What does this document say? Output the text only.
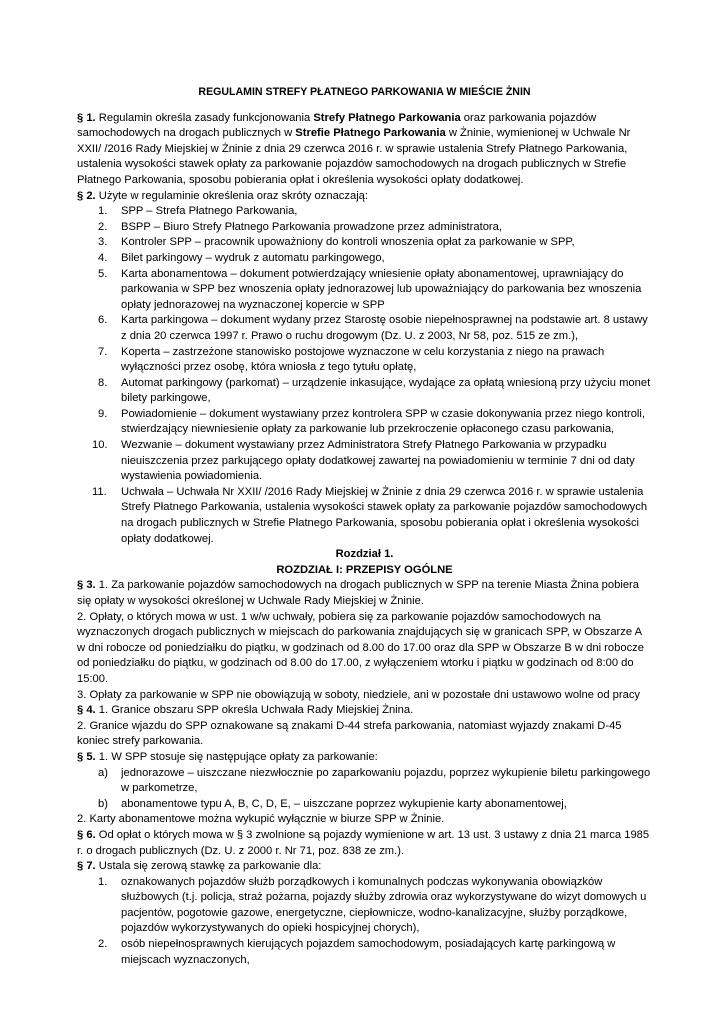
REGULAMIN STREFY PŁATNEGO PARKOWANIA W MIEŚCIE ŻNIN

§ 1. Regulamin określa zasady funkcjonowania Strefy Płatnego Parkowania oraz parkowania pojazdów samochodowych na drogach publicznych w Strefie Płatnego Parkowania w Żninie, wymienionej w Uchwale Nr XXII/ /2016 Rady Miejskiej w Żninie z dnia 29 czerwca 2016 r. w sprawie ustalenia Strefy Płatnego Parkowania, ustalenia wysokości stawek opłaty za parkowanie pojazdów samochodowych na drogach publicznych w Strefie Płatnego Parkowania, sposobu pobierania opłat i określenia wysokości opłaty dodatkowej.

§ 2. Użyte w regulaminie określenia oraz skróty oznaczają:

1.	SPP – Strefa Płatnego Parkowania,
2.	BSPP – Biuro Strefy Płatnego Parkowania prowadzone przez administratora,
3.	Kontroler SPP – pracownik upoważniony do kontroli wnoszenia opłat za parkowanie w SPP,
4.	Bilet parkingowy – wydruk z automatu parkingowego,
5.	Karta abonamentowa – dokument potwierdzający wniesienie opłaty abonamentowej, uprawniający do parkowania w SPP bez wnoszenia opłaty jednorazowej lub upoważniający do parkowania bez wnoszenia opłaty jednorazowej na wyznaczonej kopercie w SPP
6.	Karta parkingowa – dokument wydany przez Starostę osobie niepełnosprawnej na podstawie art. 8 ustawy z dnia 20 czerwca 1997 r. Prawo o ruchu drogowym (Dz. U. z 2003, Nr 58, poz. 515 ze zm.),
7.	Koperta – zastrzeżone stanowisko postojowe wyznaczone w celu korzystania z niego na prawach wyłączności przez osobę, która wniosła z tego tytułu opłatę,
8.	Automat parkingowy (parkomat) – urządzenie inkasujące, wydające za opłatą wniesioną przy użyciu monet bilety parkingowe,
9.	Powiadomienie – dokument wystawiany przez kontrolera SPP w czasie dokonywania przez niego kontroli, stwierdzający niewniesienie opłaty za parkowanie lub przekroczenie opłaconego czasu parkowania,
10.	Wezwanie – dokument wystawiany przez Administratora Strefy Płatnego Parkowania w przypadku nieuiszczenia przez parkującego opłaty dodatkowej zawartej na powiadomieniu w terminie 7 dni od daty wystawienia powiadomienia.
11.	Uchwała – Uchwała Nr XXII/ /2016 Rady Miejskiej w Żninie z dnia 29 czerwca 2016 r. w sprawie ustalenia Strefy Płatnego Parkowania, ustalenia wysokości stawek opłaty za parkowanie pojazdów samochodowych na drogach publicznych w Strefie Płatnego Parkowania, sposobu pobierania opłat i określenia wysokości opłaty dodatkowej.

Rozdział 1.

ROZDZIAŁ I: PRZEPISY OGÓLNE

§ 3. 1. Za parkowanie pojazdów samochodowych na drogach publicznych w SPP na terenie Miasta Żnina pobiera się opłaty w wysokości określonej w Uchwale Rady Miejskiej w Żninie.

2. Opłaty, o których mowa w ust. 1 w/w uchwały, pobiera się za parkowanie pojazdów samochodowych na wyznaczonych drogach publicznych w miejscach do parkowania znajdujących się w granicach SPP, w Obszarze A w dni robocze od poniedziałku do piątku, w godzinach od 8.00 do 17.00 oraz dla SPP w Obszarze B w dni robocze od poniedziałku do piątku, w godzinach od 8.00 do 17.00, z wyłączeniem wtorku i piątku w godzinach od 8:00 do 15:00.

3. Opłaty za parkowanie w SPP nie obowiązują w soboty, niedziele, ani w pozostałe dni ustawowo wolne od pracy

§ 4. 1. Granice obszaru SPP określa Uchwała Rady Miejskiej Żnina.

2. Granice wjazdu do SPP oznakowane są znakami D-44 strefa parkowania, natomiast wyjazdy znakami D-45 koniec strefy parkowania.

§ 5. 1. W SPP stosuje się następujące opłaty za parkowanie:

a)	jednorazowe – uiszczane niezwłocznie po zaparkowaniu pojazdu, poprzez wykupienie biletu parkingowego w parkometrze,
b)	abonamentowe typu A, B, C, D, E, – uiszczane poprzez wykupienie karty abonamentowej,

2. Karty abonamentowe można wykupić wyłącznie w biurze SPP w Żninie.

§ 6. Od opłat o których mowa w § 3 zwolnione są pojazdy wymienione w art. 13 ust. 3 ustawy z dnia 21 marca 1985 r. o drogach publicznych (Dz. U. z 2000 r. Nr 71, poz. 838 ze zm.).

§ 7. Ustala się zerową stawkę za parkowanie dla:

1.	oznakowanych pojazdów służb porządkowych i komunalnych podczas wykonywania obowiązków służbowych (t.j. policja, straż pożarna, pojazdy służby zdrowia oraz wykorzystywane do wizyt domowych u pacjentów, pogotowie gazowe, energetyczne, ciepłownicze, wodno-kanalizacyjne, służby porządkowe, pojazdów wykorzystywanych do opieki hospicyjnej chorych),
2.	osób niepełnosprawnych kierujących pojazdem samochodowym, posiadających kartę parkingową w miejscach wyznaczonych,
